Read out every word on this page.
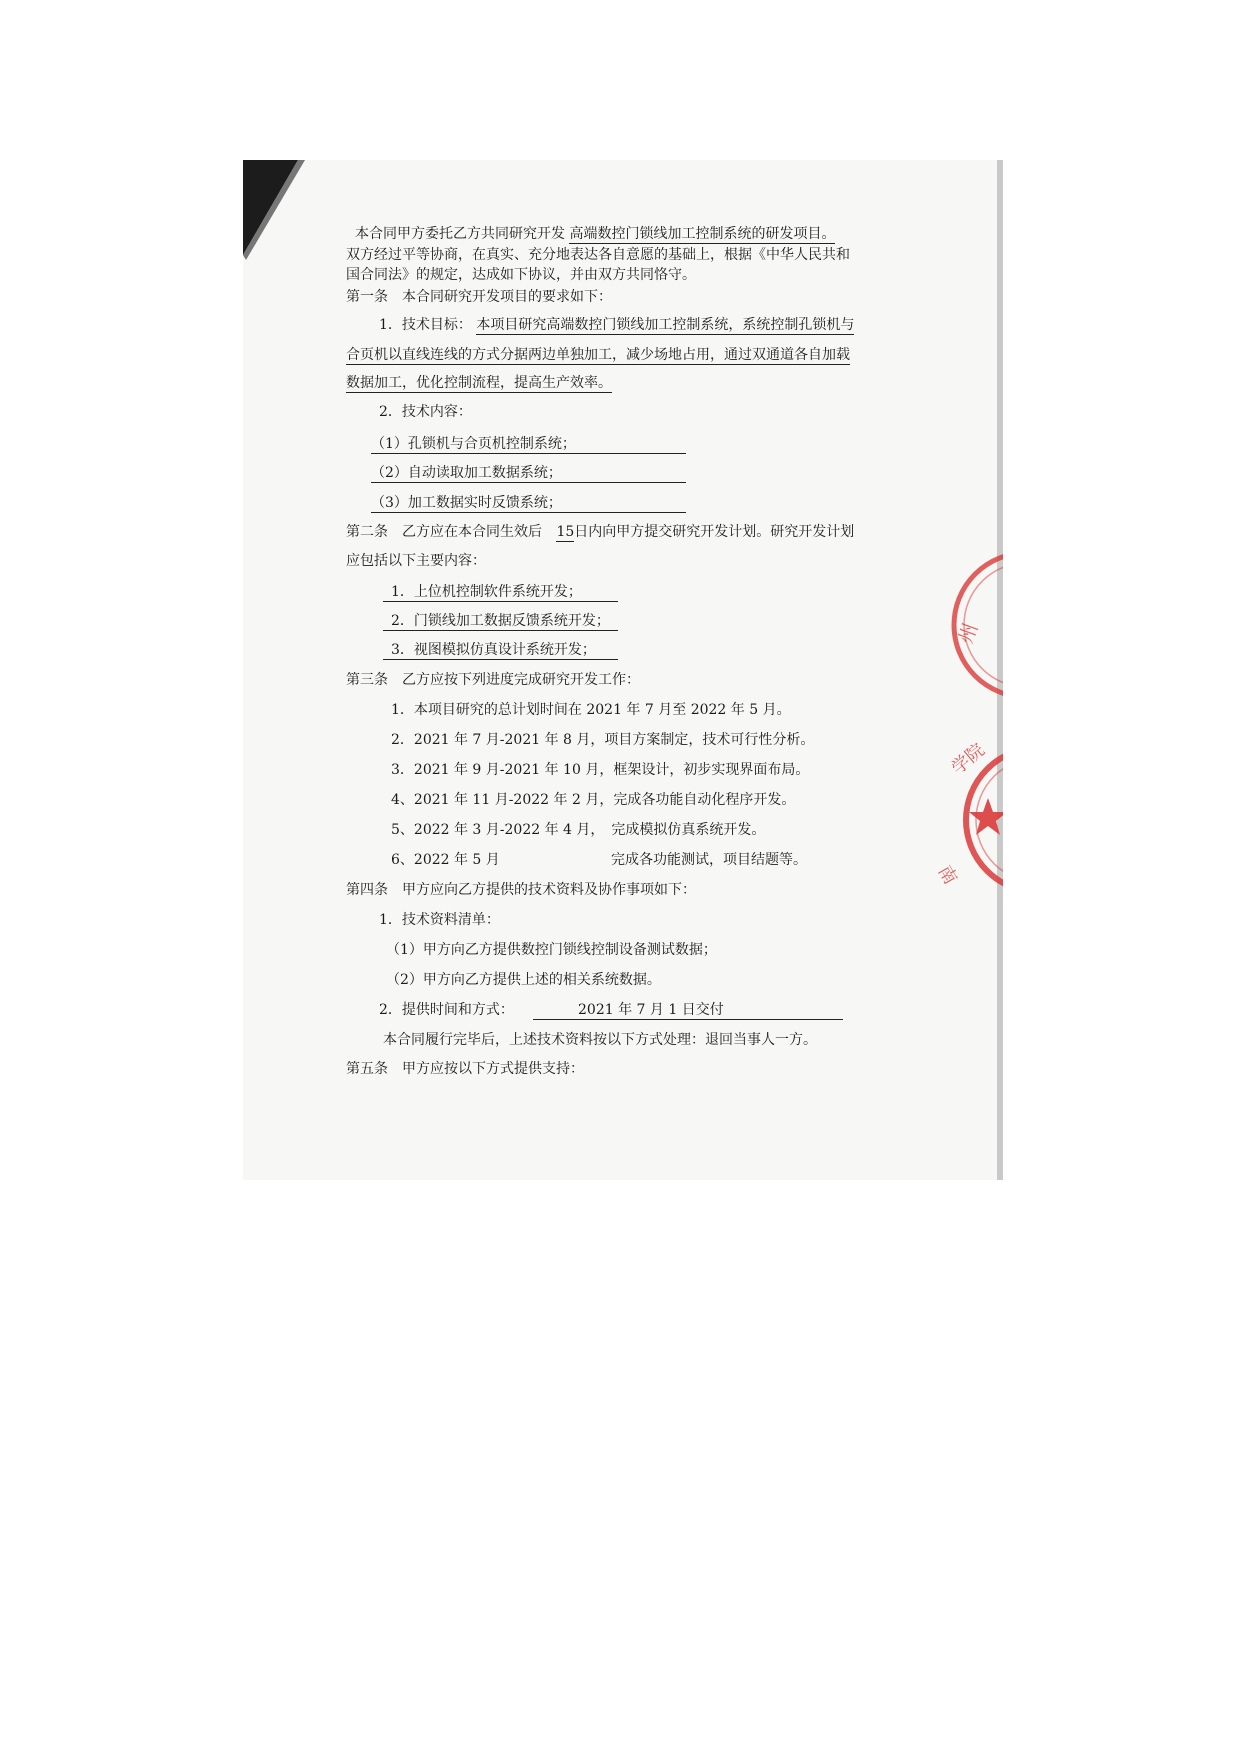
州
学院
南
本合同甲方委托乙方共同研究开发 高端数控门锁线加工控制系统的研发项目。
双方经过平等协商，在真实、充分地表达各自意愿的基础上，根据《中华人民共和
国合同法》的规定，达成如下协议，并由双方共同恪守。
第一条　本合同研究开发项目的要求如下：
1．技术目标： 本项目研究高端数控门锁线加工控制系统，系统控制孔锁机与
合页机以直线连线的方式分据两边单独加工，减少场地占用，通过双通道各自加载
数据加工，优化控制流程，提高生产效率。
2．技术内容：
（1）孔锁机与合页机控制系统；
（2）自动读取加工数据系统；
（3）加工数据实时反馈系统；
第二条　乙方应在本合同生效后 15日内向甲方提交研究开发计划。研究开发计划
应包括以下主要内容：
1．上位机控制软件系统开发；
2．门锁线加工数据反馈系统开发；
3．视图模拟仿真设计系统开发；
第三条　乙方应按下列进度完成研究开发工作：
1．本项目研究的总计划时间在 2021 年 7 月至 2022 年 5 月。
2．2021 年 7 月-2021 年 8 月，项目方案制定，技术可行性分析。
3．2021 年 9 月-2021 年 10 月，框架设计，初步实现界面布局。
4、2021 年 11 月-2022 年 2 月，完成各功能自动化程序开发。
5、2022 年 3 月-2022 年 4 月，　完成模拟仿真系统开发。
6、2022 年 5 月	完成各功能测试，项目结题等。
第四条　甲方应向乙方提供的技术资料及协作事项如下：
1．技术资料清单：
（1）甲方向乙方提供数控门锁线控制设备测试数据；
（2）甲方向乙方提供上述的相关系统数据。
2．提供时间和方式：	2021 年 7 月 1 日交付
本合同履行完毕后，上述技术资料按以下方式处理：退回当事人一方。
第五条　甲方应按以下方式提供支持：
